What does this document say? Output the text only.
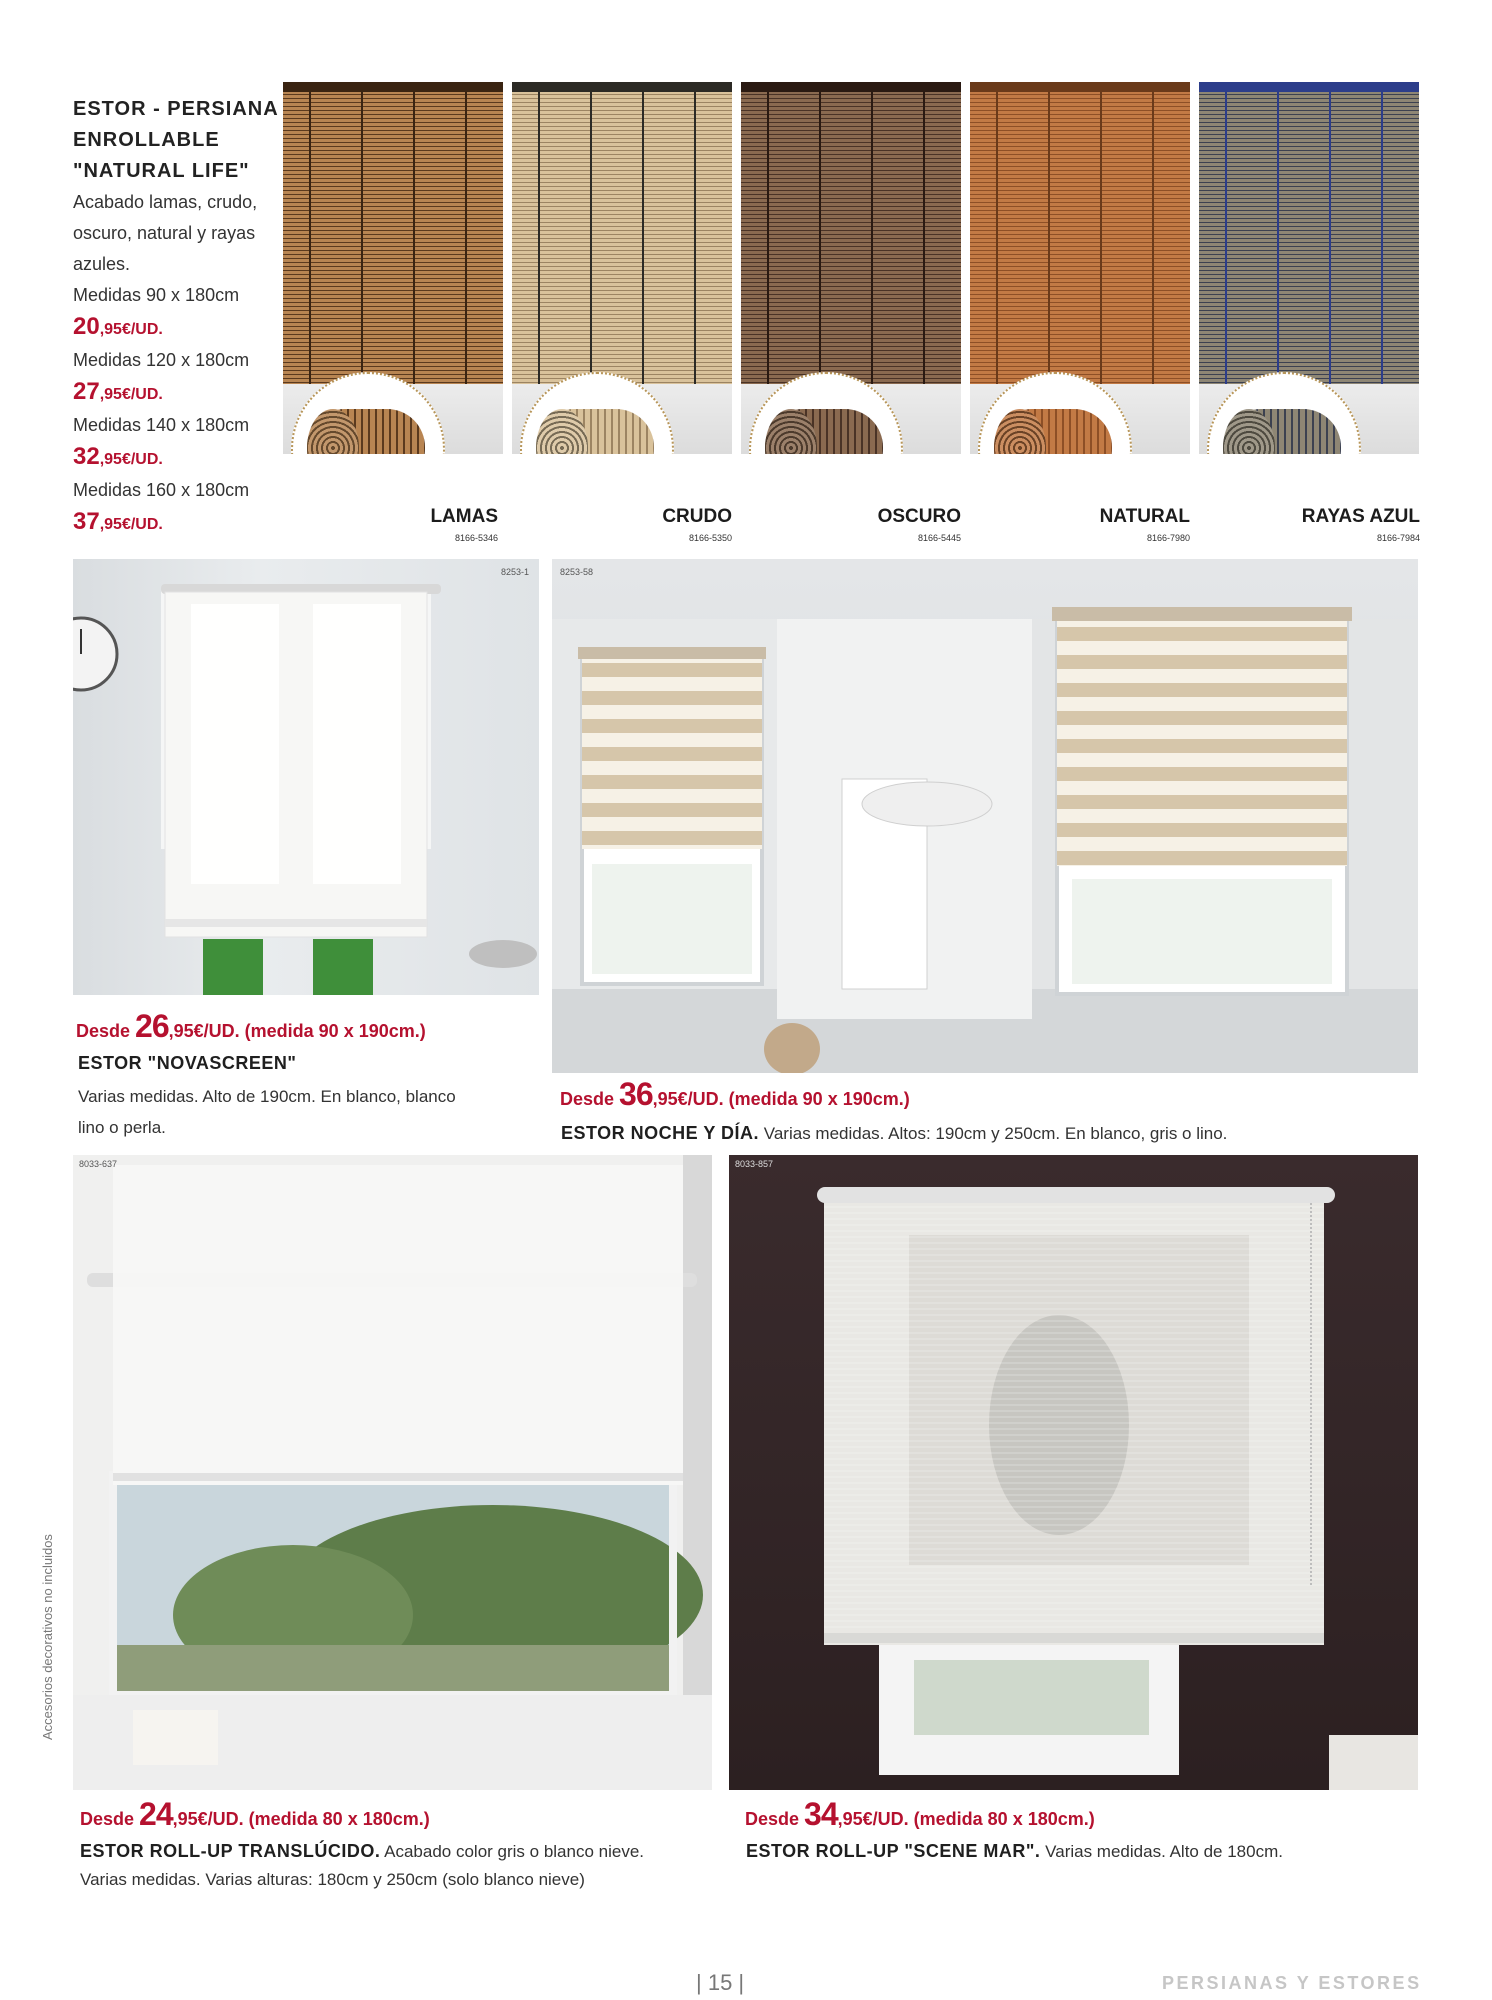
ESTOR - PERSIANA
ENROLLABLE
"NATURAL LIFE"
Acabado lamas, crudo,
oscuro, natural y rayas
azules.
Medidas 90 x 180cm
20,95€/UD.
Medidas 120 x 180cm
27,95€/UD.
Medidas 140 x 180cm
32,95€/UD.
Medidas 160 x 180cm
37,95€/UD.	LAMAS
8166-5346
CRUDO
8166-5350
OSCURO
8166-5445
NATURAL
8166-7980
RAYAS AZUL
8166-7984
8253-1
Desde 26,95€/UD. (medida 90 x 190cm.)
ESTOR "NOVASCREEN"
Varias medidas. Alto de 190cm. En blanco, blanco
lino o perla.
8253-58
Desde 36,95€/UD. (medida 90 x 190cm.)
ESTOR NOCHE Y DÍA. Varias medidas. Altos: 190cm y 250cm. En blanco, gris o lino.
8033-637
Desde 24,95€/UD. (medida 80 x 180cm.)
ESTOR ROLL-UP TRANSLÚCIDO. Acabado color gris o blanco nieve.
Varias medidas. Varias alturas: 180cm y 250cm (solo blanco nieve)
8033-857
Desde 34,95€/UD. (medida 80 x 180cm.)
ESTOR ROLL-UP "SCENE MAR". Varias medidas. Alto de 180cm.
Accesorios decorativos no incluidos
| 15 |	PERSIANAS Y ESTORES
